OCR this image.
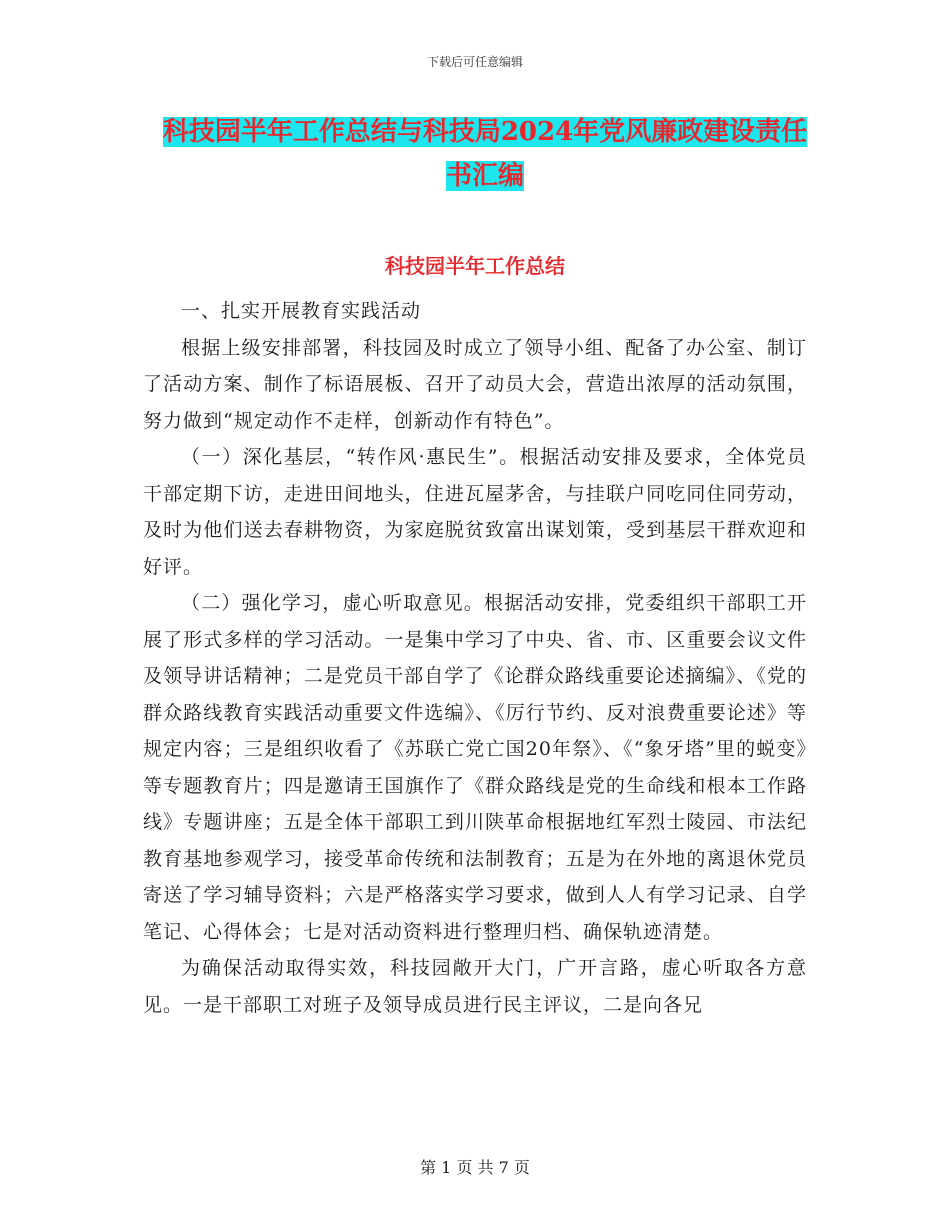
下载后可任意编辑
科技园半年工作总结与科技局2024年党风廉政建设责任书汇编
科技园半年工作总结

一、扎实开展教育实践活动

根据上级安排部署，科技园及时成立了领导小组、配备了办公室、制订了活动方案、制作了标语展板、召开了动员大会，营造出浓厚的活动氛围，努力做到“规定动作不走样，创新动作有特色”。

（一）深化基层，“转作风·惠民生”。根据活动安排及要求，全体党员干部定期下访，走进田间地头，住进瓦屋茅舍，与挂联户同吃同住同劳动，及时为他们送去春耕物资，为家庭脱贫致富出谋划策，受到基层干群欢迎和好评。

（二）强化学习，虚心听取意见。根据活动安排，党委组织干部职工开展了形式多样的学习活动。一是集中学习了中央、省、市、区重要会议文件及领导讲话精神；二是党员干部自学了《论群众路线重要论述摘编》、《党的群众路线教育实践活动重要文件选编》、《厉行节约、反对浪费重要论述》等规定内容；三是组织收看了《苏联亡党亡国20年祭》、《“象牙塔”里的蜕变》等专题教育片；四是邀请王国旗作了《群众路线是党的生命线和根本工作路线》专题讲座；五是全体干部职工到川陕革命根据地红军烈士陵园、市法纪教育基地参观学习，接受革命传统和法制教育；五是为在外地的离退休党员寄送了学习辅导资料；六是严格落实学习要求，做到人人有学习记录、自学笔记、心得体会；七是对活动资料进行整理归档、确保轨迹清楚。

为确保活动取得实效，科技园敞开大门，广开言路，虚心听取各方意见。一是干部职工对班子及领导成员进行民主评议，二是向各兄

第 1 页 共 7 页
